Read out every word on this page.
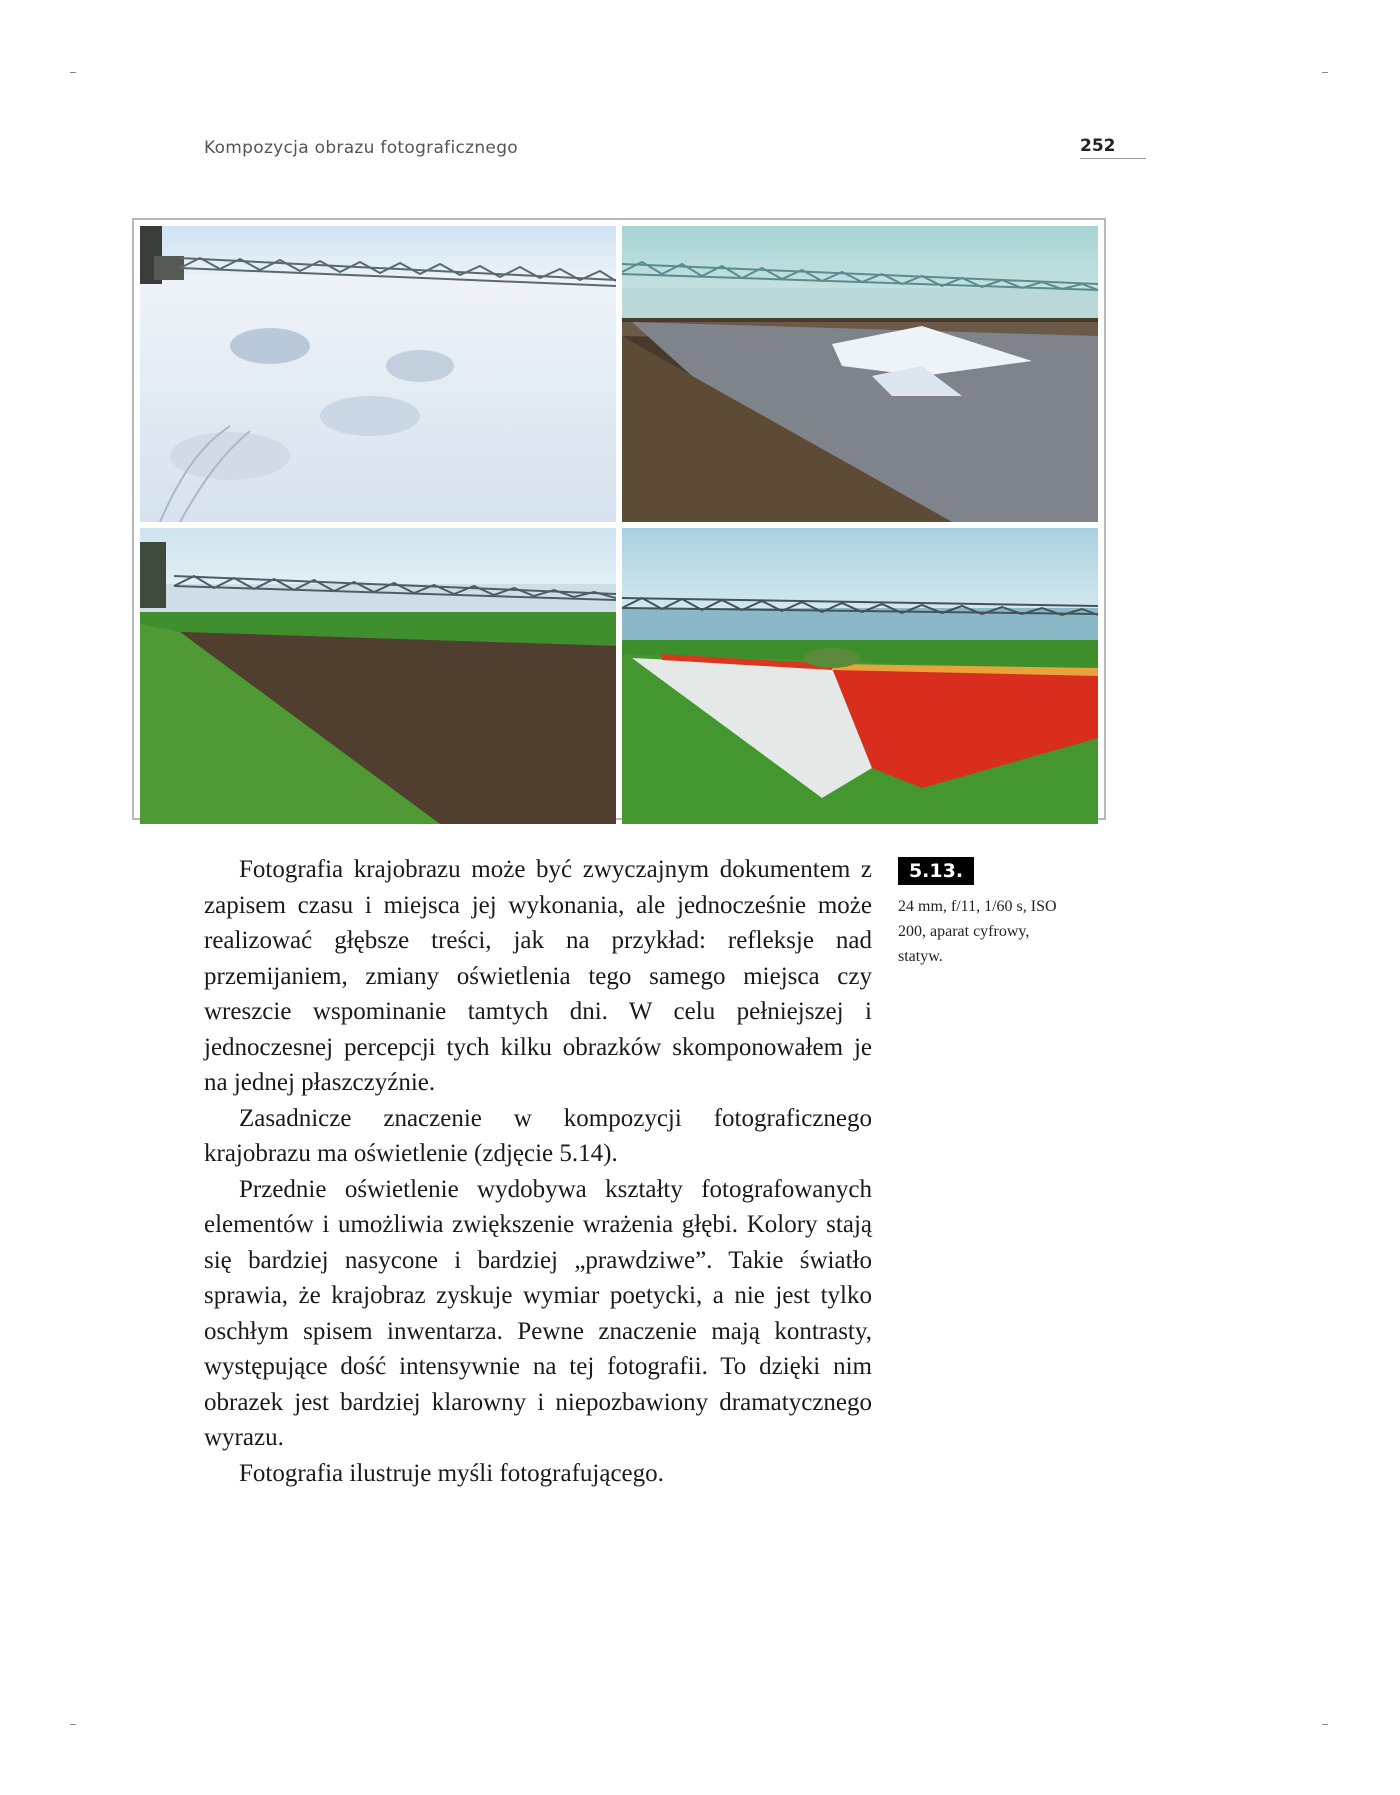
Kompozycja obrazu fotograficznego	252

Fotografia krajobrazu może być zwyczajnym dokumentem z zapisem czasu i miejsca jej wykonania, ale jednocześnie może realizować głębsze treści, jak na przykład: refleksje nad przemijaniem, zmiany oświetlenia tego samego miejsca czy wreszcie wspominanie tamtych dni. W celu pełniejszej i jednoczesnej percepcji tych kilku obrazków skomponowałem je na jednej płaszczyźnie.

Zasadnicze znaczenie w kompozycji fotograficznego krajobrazu ma oświetlenie (zdjęcie 5.14).

Przednie oświetlenie wydobywa kształty fotografowanych elementów i umożliwia zwiększenie wrażenia głębi. Kolory stają się bardziej nasycone i bardziej „prawdziwe”. Takie światło sprawia, że krajobraz zyskuje wymiar poetycki, a nie jest tylko oschłym spisem inwentarza. Pewne znaczenie mają kontrasty, występujące dość intensywnie na tej fotografii. To dzięki nim obrazek jest bardziej klarowny i niepozbawiony dramatycznego wyrazu.

Fotografia ilustruje myśli fotografującego.

5.13.
24 mm, f/11, 1/60 s, ISO 200, aparat cyfrowy, statyw.
